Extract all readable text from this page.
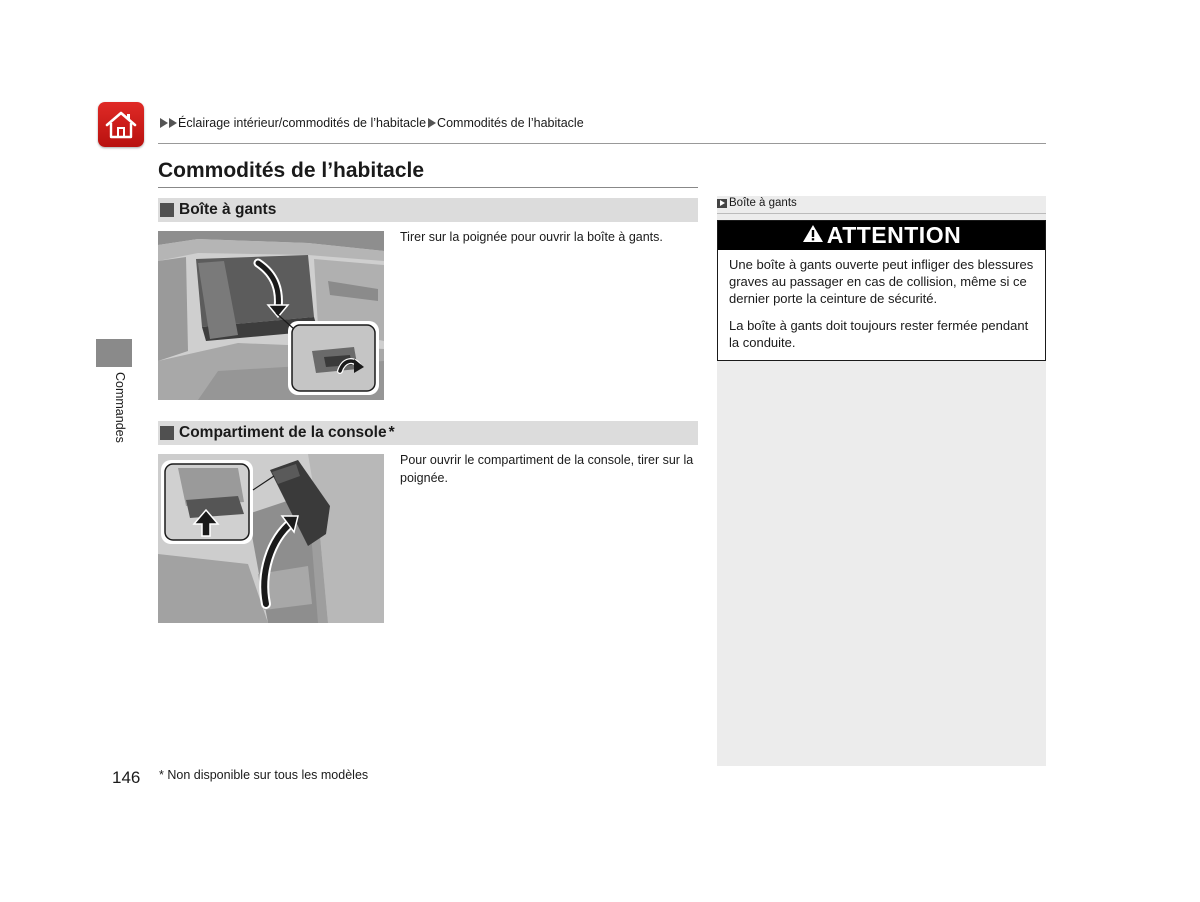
Éclairage intérieur/commodités de l’habitacle Commodités de l’habitacle
Commodités de l’habitacle
Commandes
Boîte à gants
Tirer sur la poignée pour ouvrir la boîte à gants.
Compartiment de la console *
Pour ouvrir le compartiment de la console, tirer sur la poignée.
Boîte à gants
ATTENTION

Une boîte à gants ouverte peut infliger des blessures graves au passager en cas de collision, même si ce dernier porte la ceinture de sécurité.

La boîte à gants doit toujours rester fermée pendant la conduite.

146 * Non disponible sur tous les modèles
